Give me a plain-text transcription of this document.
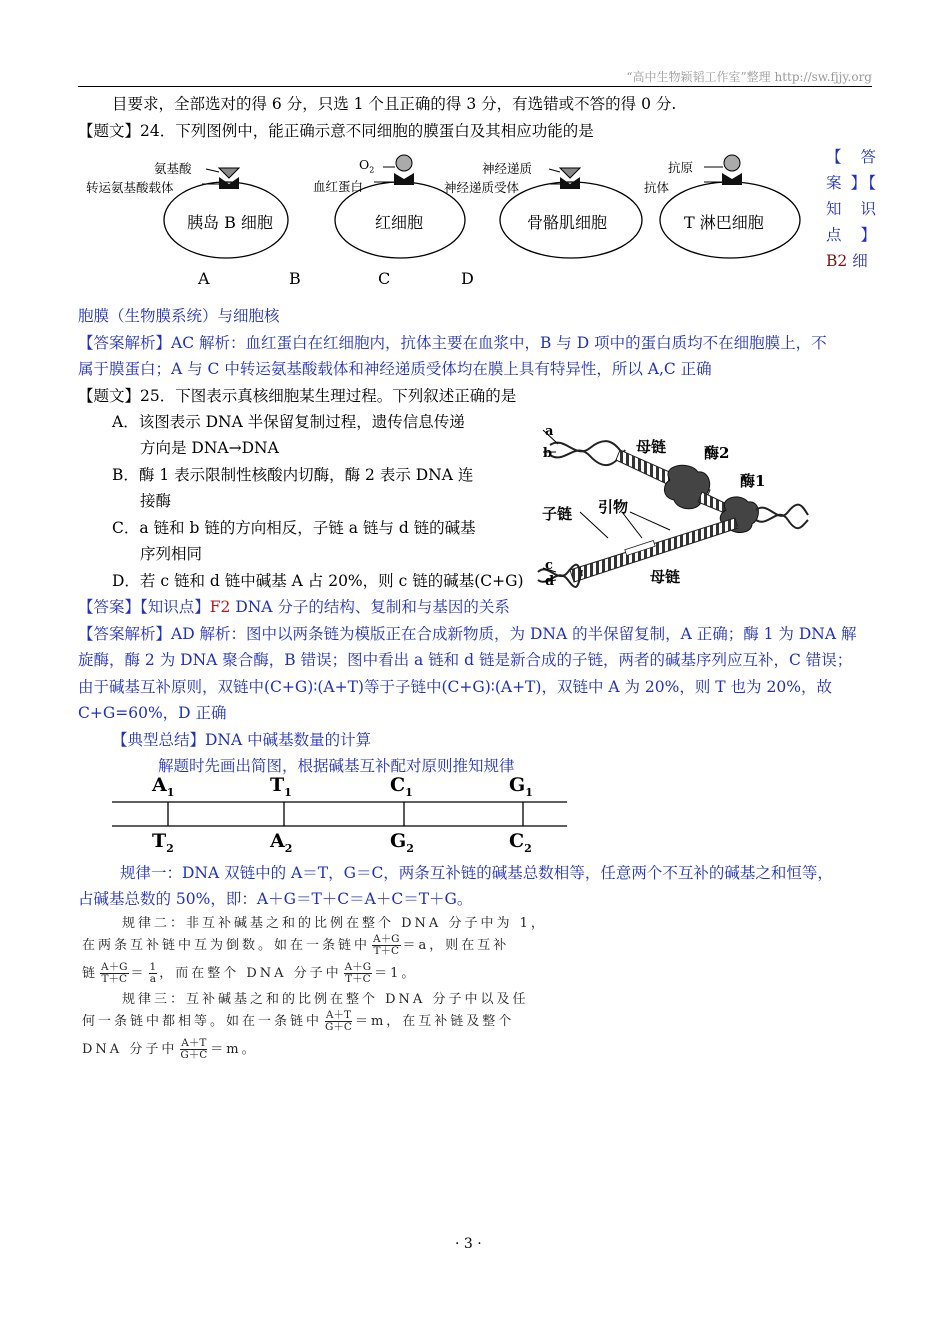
“高中生物颖韬工作室”整理 http://sw.fjjy.org
目要求，全部选对的得 6 分，只选 1 个且正确的得 3 分，有选错或不答的得 0 分.
【题文】24．下列图例中，能正确示意不同细胞的膜蛋白及其相应功能的是
氨基酸
转运氨基酸载体
$O_2$
血红蛋白
神经递质
神经递质受体
抗原
抗体
胰岛 B 细胞	红细胞	骨骼肌细胞	T 淋巴细胞
A	B	C	D
【 答案 】【 知识点】B2 细
胞膜（生物膜系统）与细胞核
【答案解析】AC 解析：血红蛋白在红细胞内，抗体主要在血浆中，B 与 D 项中的蛋白质均不在细胞膜上，不
属于膜蛋白；A 与 C 中转运氨基酸载体和神经递质受体均在膜上具有特异性，所以 A,C 正确
【题文】25．下图表示真核细胞某生理过程。下列叙述正确的是
A．该图表示 DNA 半保留复制过程，遗传信息传递
方向是 DNA→DNA
B．酶 1 表示限制性核酸内切酶，酶 2 表示 DNA 连
接酶
C．a 链和 b 链的方向相反，子链 a 链与 d 链的碱基
序列相同
D．若 c 链和 d 链中碱基 A 占 20%，则 c 链的碱基(C+G)
a
b	母链	酶2
酶1
子链 引物
c
d	母链
【答案】【知识点】F2 DNA 分子的结构、复制和与基因的关系
【答案解析】AD 解析：图中以两条链为模版正在合成新物质，为 DNA 的半保留复制，A 正确；酶 1 为 DNA 解
旋酶，酶 2 为 DNA 聚合酶，B 错误；图中看出 a 链和 d 链是新合成的子链，两者的碱基序列应互补，C 错误；
由于碱基互补原则，双链中(C+G)∶(A+T)等于子链中(C+G)∶(A+T)，双链中 A 为 20%，则 T 也为 20%，故
C+G=60%，D 正确
【典型总结】DNA 中碱基数量的计算
解题时先画出简图，根据碱基互补配对原则推知规律
$A_1$	$T_1$	$C_1$	$G_1$
$T_2$	$A_2$	$G_2$	$C_2$
规律一：DNA 双链中的 A＝T，G＝C，两条互补链的碱基总数相等，任意两个不互补的碱基之和恒等，
占碱基总数的 50%，即：A＋G＝T＋C＝A＋C＝T＋G。
规律二：非互补碱基之和的比例在整个 DNA 分子中为 1，
在两条互补链中互为倒数。如在一条链中 $\frac{A+G}{T+C} =a$，则在互补
链 $\frac{A+G}{T+C} = \frac{1}{a}$ ，而在整个 DNA 分子中 $\frac{A+G}{T+C} =1$。
规律三：互补碱基之和的比例在整个 DNA 分子中以及任
何一条链中都相等。如在一条链中 $\frac{A+T}{G+C} =m$，在互补链及整个
DNA 分子中 $\frac{A+T}{G+C} =m$。
· 3 ·
